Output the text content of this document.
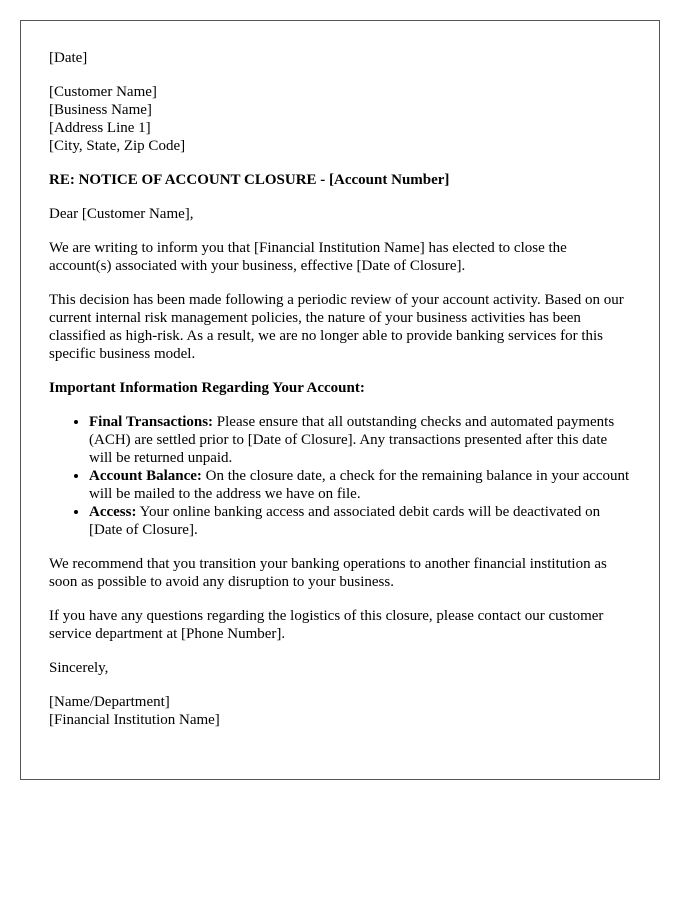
[Date]
[Customer Name]
[Business Name]
[Address Line 1]
[City, State, Zip Code]
RE: NOTICE OF ACCOUNT CLOSURE - [Account Number]
Dear [Customer Name],
We are writing to inform you that [Financial Institution Name] has elected to close the account(s) associated with your business, effective [Date of Closure].
This decision has been made following a periodic review of your account activity. Based on our current internal risk management policies, the nature of your business activities has been classified as high-risk. As a result, we are no longer able to provide banking services for this specific business model.
Important Information Regarding Your Account:
• Final Transactions: Please ensure that all outstanding checks and automated payments (ACH) are settled prior to [Date of Closure]. Any transactions presented after this date will be returned unpaid.
• Account Balance: On the closure date, a check for the remaining balance in your account will be mailed to the address we have on file.
• Access: Your online banking access and associated debit cards will be deactivated on [Date of Closure].
We recommend that you transition your banking operations to another financial institution as soon as possible to avoid any disruption to your business.
If you have any questions regarding the logistics of this closure, please contact our customer service department at [Phone Number].
Sincerely,
[Name/Department]
[Financial Institution Name]
